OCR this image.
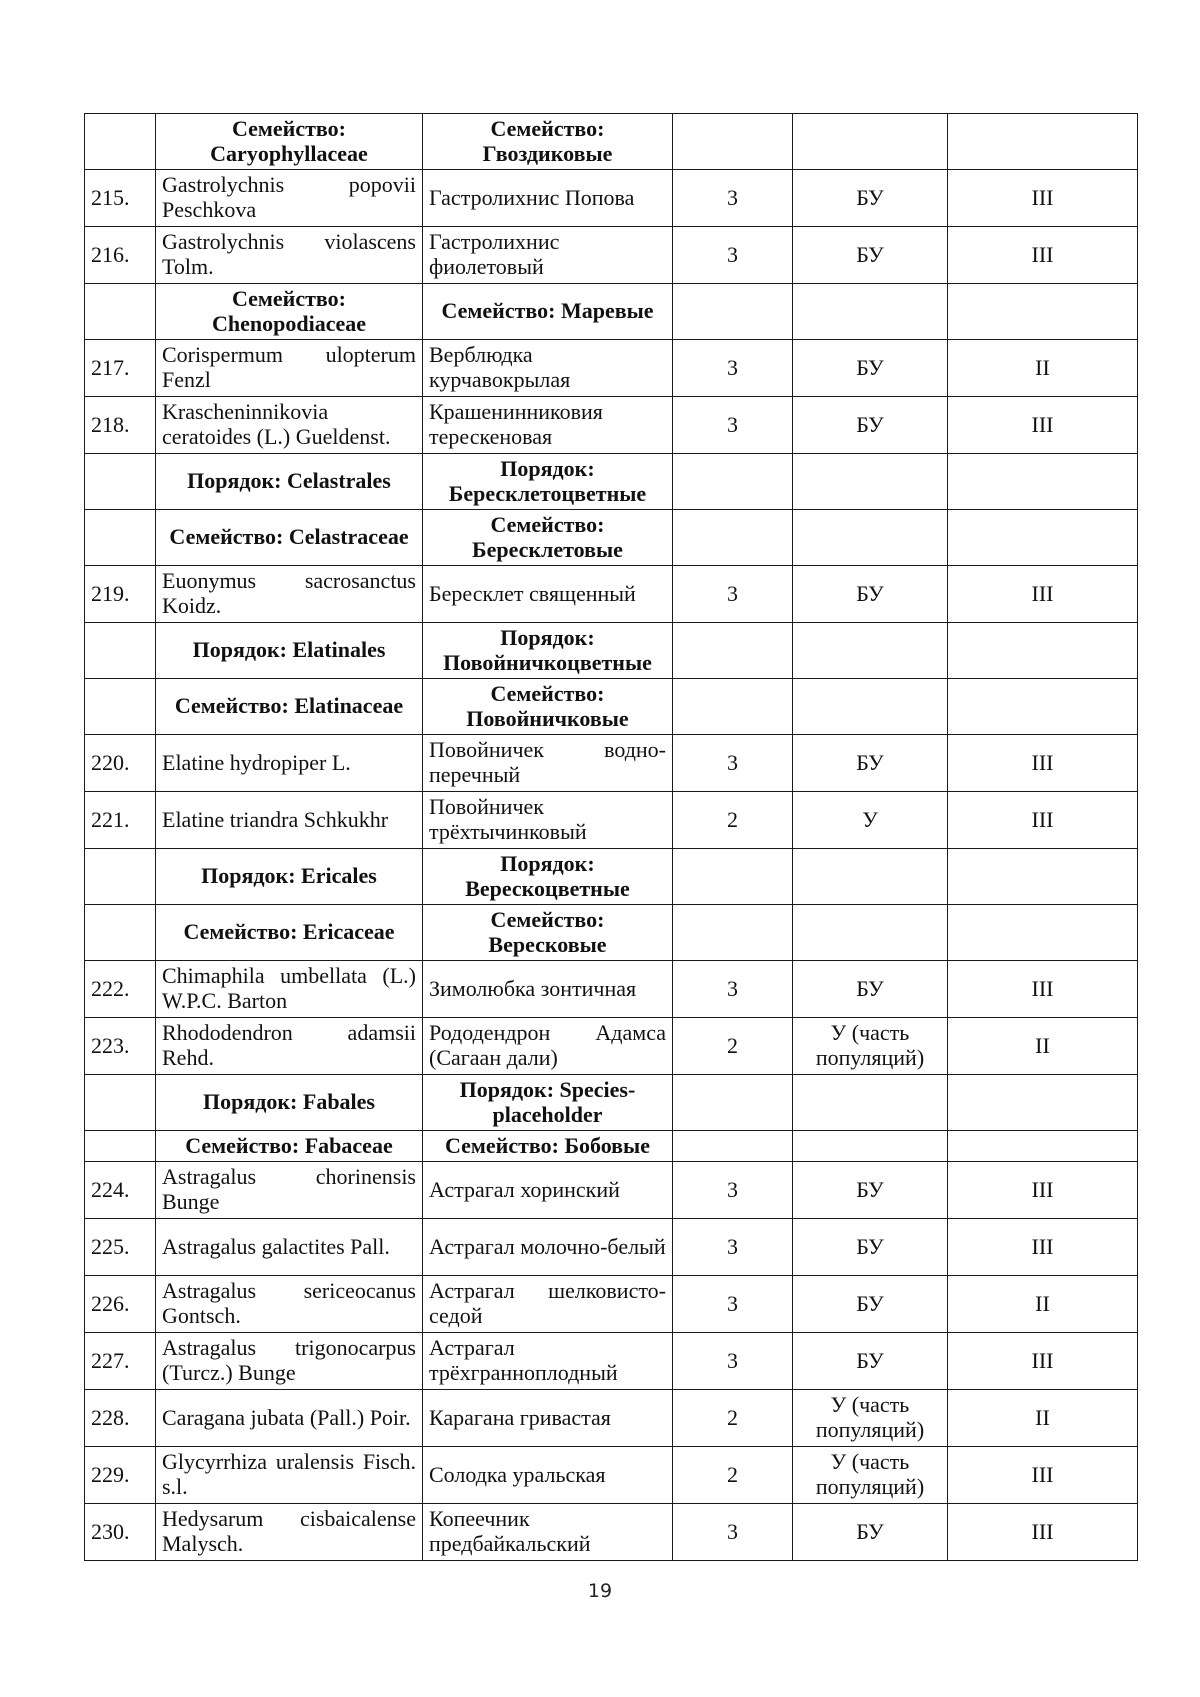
	Семейство: Caryophyllaceae	Семейство: Гвоздиковые			
215.	Gastrolychnis popovii Peschkova	Гастролихнис Попова	3	БУ	III
216.	Gastrolychnis violascens Tolm.	Гастролихнис фиолетовый	3	БУ	III
	Семейство: Chenopodiaceae	Семейство: Маревые			
217.	Corispermum ulopterum Fenzl	Верблюдка курчавокрылая	3	БУ	II
218.	Krascheninnikovia ceratoides (L.) Gueldenst.	Крашенинниковия терескеновая	3	БУ	III
	Порядок: Celastrales	Порядок: Бересклетоцветные			
	Семейство: Celastraceae	Семейство: Бересклетовые			
219.	Euonymus sacrosanctus Koidz.	Бересклет священный	3	БУ	III
	Порядок: Elatinales	Порядок: Повойничкоцветные			
	Семейство: Elatinaceae	Семейство: Повойничковые			
220.	Elatine hydropiper L.	Повойничек водно-перечный	3	БУ	III
221.	Elatine triandra Schkukhr	Повойничек трёхтычинковый	2	У	III
	Порядок: Ericales	Порядок: Верескоцветные			
	Семейство: Ericaceae	Семейство: Вересковые			
222.	Chimaphila umbellata (L.) W.P.C. Barton	Зимолюбка зонтичная	3	БУ	III
223.	Rhododendron adamsii Rehd.	Рододендрон Адамса (Сагаан дали)	2	У (часть популяций)	II
	Порядок: Fabales	Порядок: Species-placeholder			
	Семейство: Fabaceae	Семейство: Бобовые			
224.	Astragalus chorinensis Bunge	Астрагал хоринский	3	БУ	III
225.	Astragalus galactites Pall.	Астрагал молочно-белый	3	БУ	III
226.	Astragalus sericeocanus Gontsch.	Астрагал шелковисто-седой	3	БУ	II
227.	Astragalus trigonocarpus (Turcz.) Bunge	Астрагал трёхгранноплодный	3	БУ	III
228.	Caragana jubata (Pall.) Poir.	Карагана гривастая	2	У (часть популяций)	II
229.	Glycyrrhiza uralensis Fisch. s.l.	Солодка уральская	2	У (часть популяций)	III
230.	Hedysarum cisbaicalense Malysch.	Копеечник предбайкальский	3	БУ	III
19
